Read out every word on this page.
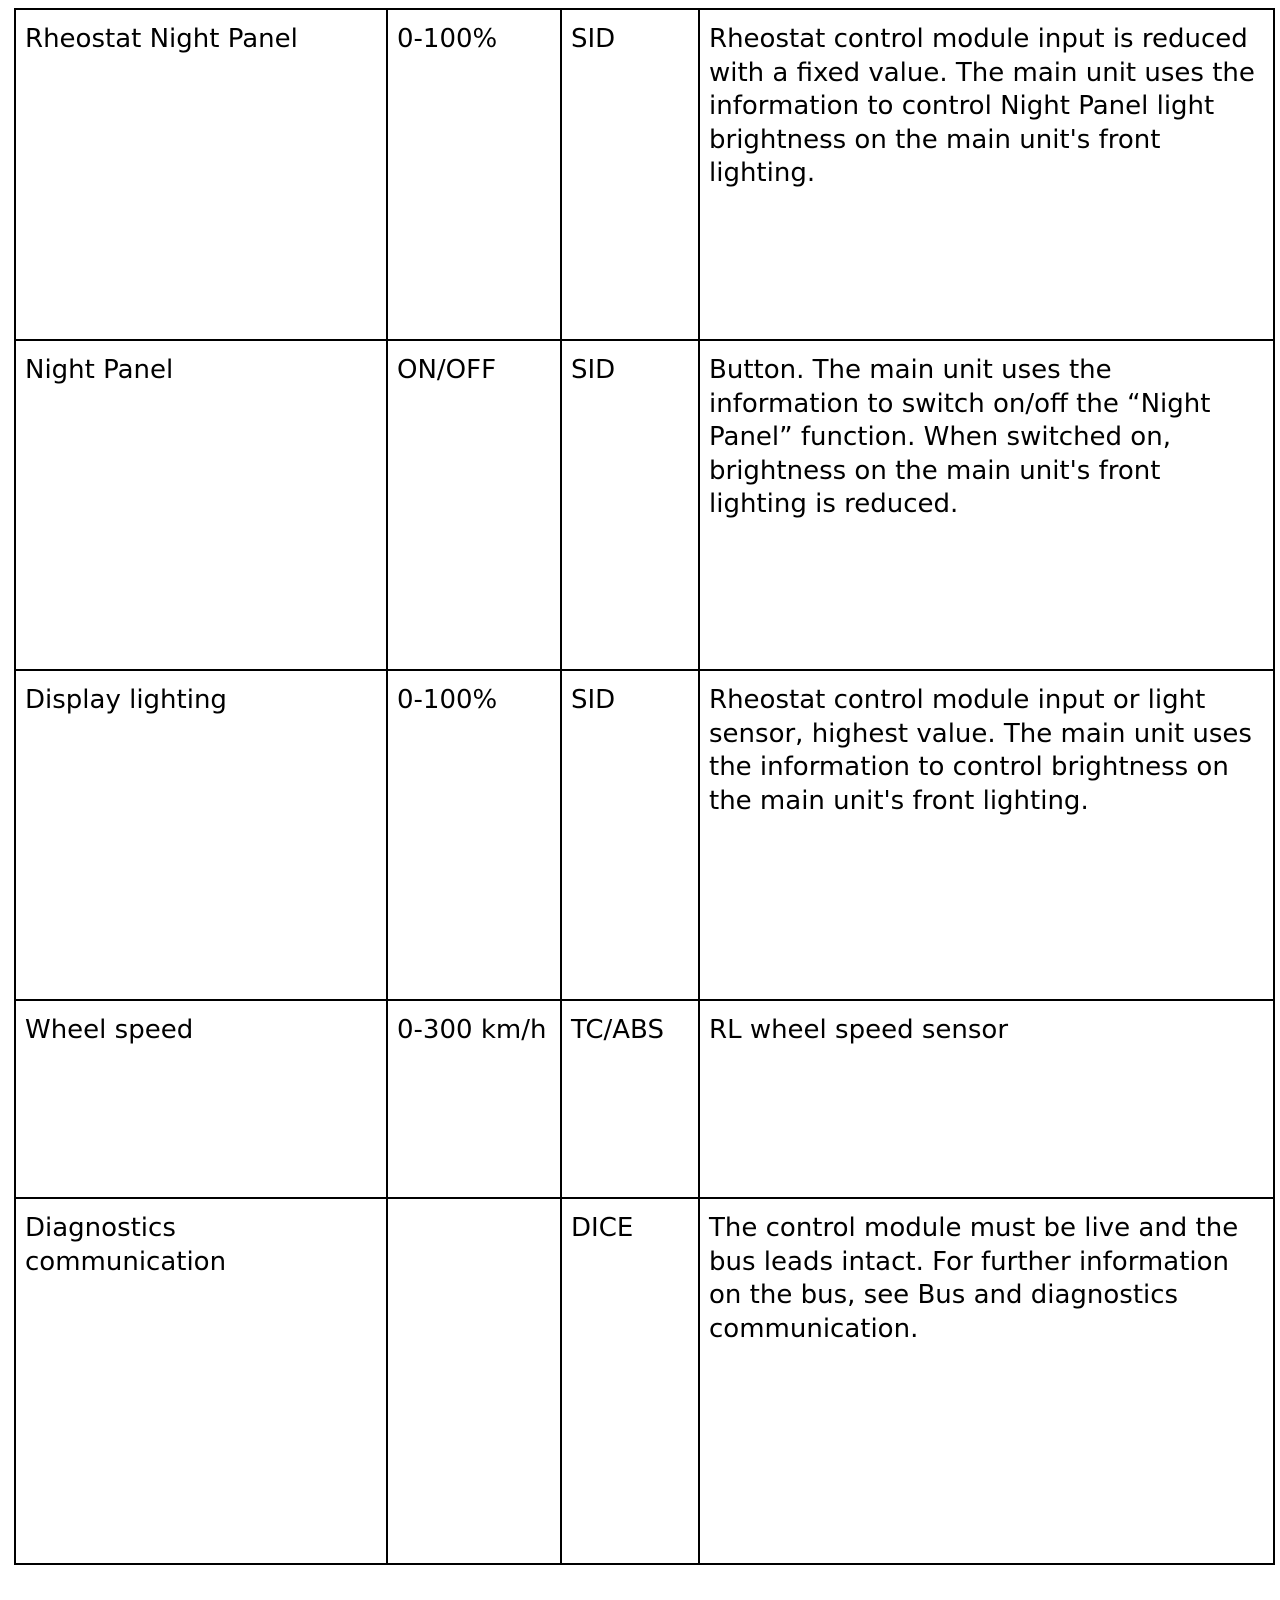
Rheostat Night Panel	0-100%	SID	Rheostat control module input is reduced with a fixed value. The main unit uses the information to control Night Panel light brightness on the main unit's front lighting.
Night Panel	ON/OFF	SID	Button. The main unit uses the information to switch on/off the “Night Panel” function. When switched on, brightness on the main unit's front lighting is reduced.
Display lighting	0-100%	SID	Rheostat control module input or light sensor, highest value. The main unit uses the information to control brightness on the main unit's front lighting.
Wheel speed	0-300 km/h	TC/ABS	RL wheel speed sensor
Diagnostics communication		DICE	The control module must be live and the bus leads intact. For further information on the bus, see Bus and diagnostics communication.
